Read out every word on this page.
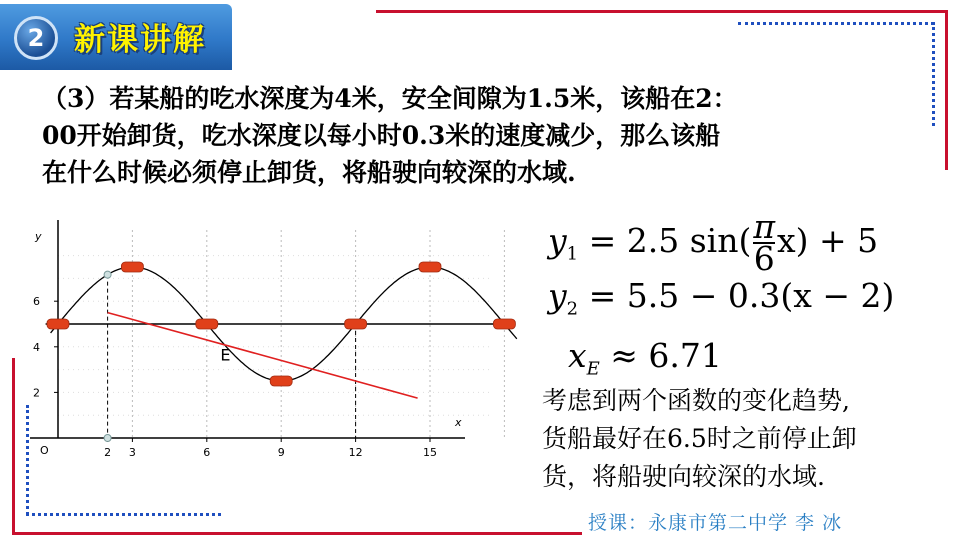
2 新课讲解
（3）若某船的吃水深度为4米，安全间隙为1.5米，该船在2：
00开始卸货，吃水深度以每小时0.3米的速度减少，那么该船
在什么时候必须停止卸货，将船驶向较深的水域.
$y_1 = 2.5$ $\sin( \frac{\pi}{6} x) + 5$
$y_2 = 5.5 - 0.3(x - 2)$
$x_E \approx 6.71$
考虑到两个函数的变化趋势,
货船最好在6.5时之前停止卸
货，将船驶向较深的水域.
授课：永康市第二中学 李 冰
2
4
6
2 3	6	9	12	15
y
x
O
E
